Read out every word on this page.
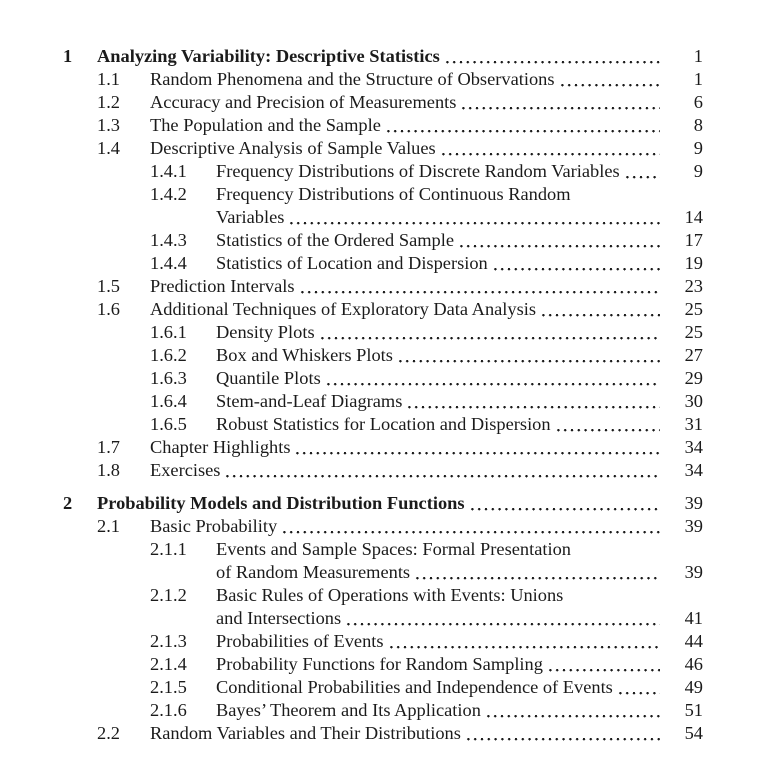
1	Analyzing Variability: Descriptive Statistics	1
1.1	Random Phenomena and the Structure of Observations	1
1.2	Accuracy and Precision of Measurements	6
1.3	The Population and the Sample	8
1.4	Descriptive Analysis of Sample Values	9
1.4.1	Frequency Distributions of Discrete Random Variables	9
1.4.2	Frequency Distributions of Continuous Random
Variables	14
1.4.3	Statistics of the Ordered Sample	17
1.4.4	Statistics of Location and Dispersion	19
1.5	Prediction Intervals	23
1.6	Additional Techniques of Exploratory Data Analysis	25
1.6.1	Density Plots	25
1.6.2	Box and Whiskers Plots	27
1.6.3	Quantile Plots	29
1.6.4	Stem-and-Leaf Diagrams	30
1.6.5	Robust Statistics for Location and Dispersion	31
1.7	Chapter Highlights	34
1.8	Exercises	34
2	Probability Models and Distribution Functions	39
2.1	Basic Probability	39
2.1.1	Events and Sample Spaces: Formal Presentation
of Random Measurements	39
2.1.2	Basic Rules of Operations with Events: Unions
and Intersections	41
2.1.3	Probabilities of Events	44
2.1.4	Probability Functions for Random Sampling	46
2.1.5	Conditional Probabilities and Independence of Events	49
2.1.6	Bayes’ Theorem and Its Application	51
2.2	Random Variables and Their Distributions	54
